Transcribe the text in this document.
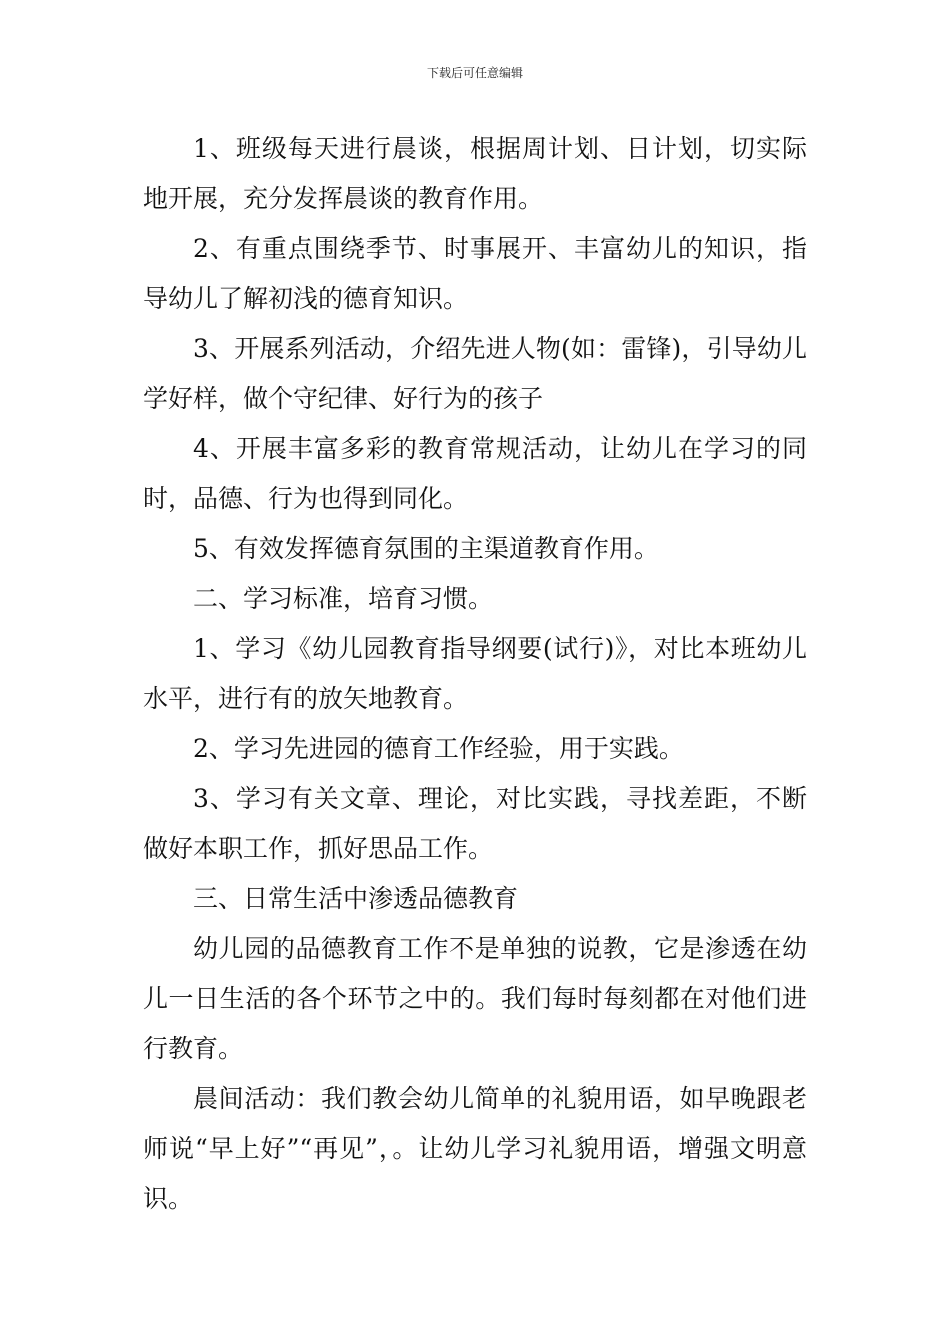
下载后可任意编辑

1、班级每天进行晨谈，根据周计划、日计划，切实际地开展，充分发挥晨谈的教育作用。

2、有重点围绕季节、时事展开、丰富幼儿的知识，指导幼儿了解初浅的德育知识。

3、开展系列活动，介绍先进人物(如：雷锋)，引导幼儿学好样，做个守纪律、好行为的孩子

4、开展丰富多彩的教育常规活动，让幼儿在学习的同时，品德、行为也得到同化。

5、有效发挥德育氛围的主渠道教育作用。

二、学习标准，培育习惯。

1、学习《幼儿园教育指导纲要(试行)》，对比本班幼儿水平，进行有的放矢地教育。

2、学习先进园的德育工作经验，用于实践。

3、学习有关文章、理论，对比实践，寻找差距，不断做好本职工作，抓好思品工作。

三、日常生活中渗透品德教育

幼儿园的品德教育工作不是单独的说教，它是渗透在幼儿一日生活的各个环节之中的。我们每时每刻都在对他们进行教育。

晨间活动：我们教会幼儿简单的礼貌用语，如早晚跟老师说“早上好”“再见”，。让幼儿学习礼貌用语，增强文明意识。
